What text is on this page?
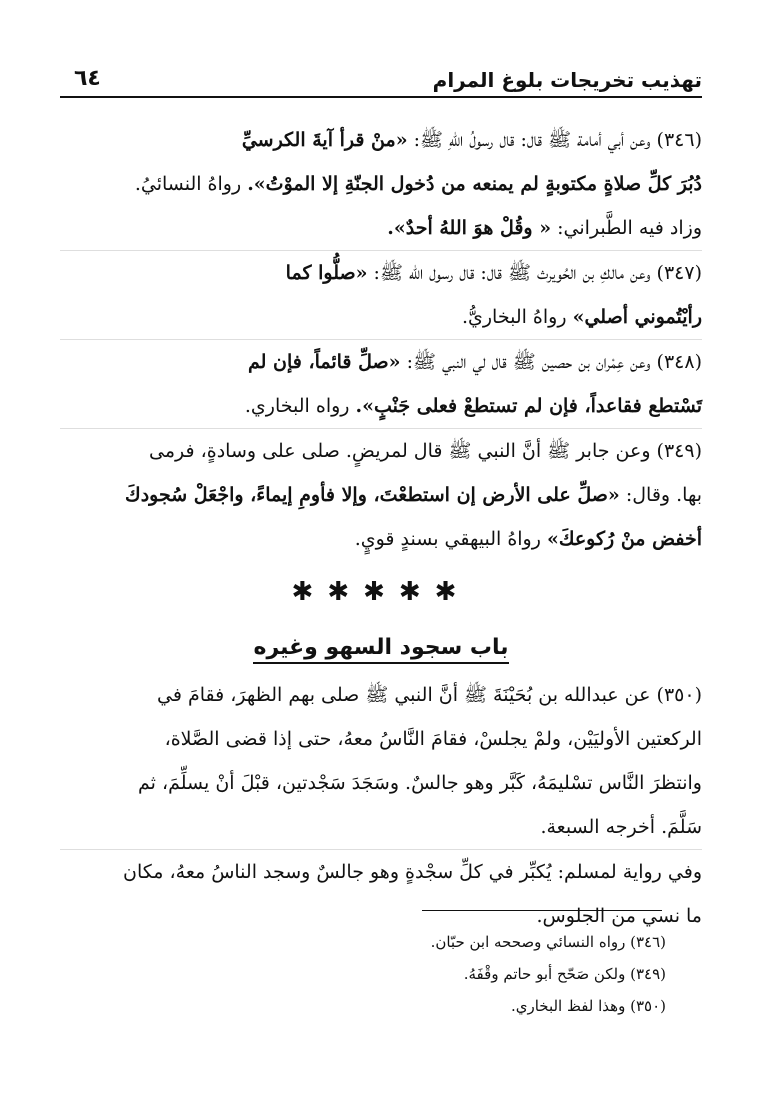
تهذيب تخريجات بلوغ المرام
٦٤
(٣٤٦) وعن أبي أمامة ﷺ قال: قال رسولُ اللهِ ﷺ: «منْ قرأ آيةَ الكرسيِّ
دُبُرَ كلِّ صلاةٍ مكتوبةٍ لم يمنعه من دُخول الجنّةِ إلا الموْتُ». رواهُ النسائيُ.
وزاد فيه الطَّبراني: « وقُلْ هوَ اللهُ أحدٌ».
(٣٤٧) وعن مالكِ بن الحُويرث ﷺ قال: قال رسول الله ﷺ: «صلُّوا كما
رأيْتُموني أصلي» رواهُ البخاريُّ.
(٣٤٨) وعن عِمْران بن حصين ﷺ قال لي النبي ﷺ: «صلِّ قائماً، فإن لم
تَسْتطع فقاعداً، فإن لم تستطعْ فعلى جَنْبٍ». رواه البخاري.
(٣٤٩) وعن جابر ﷺ أنَّ النبي ﷺ قال لمريضٍ. صلى على وسادةٍ، فرمى
بها. وقال: «صلِّ على الأرض إن استطعْتَ، وإلا فأومِ إيماءً، واجْعَلْ سُجودكَ
أخفض منْ رُكوعكَ» رواهُ البيهقي بسندٍ قويٍ.
✱✱✱✱✱
باب سجود السهو وغيره
(٣٥٠) عن عبدالله بن بُحَيْنَةَ ﷺ أنَّ النبي ﷺ صلى بهم الظهرَ، فقامَ في
الركعتين الأوليَيْن، ولمْ يجلسْ، فقامَ النَّاسُ معهُ، حتى إذا قضى الصَّلاة،
وانتظرَ النَّاس تسْليمَهُ، كَبَّر وهو جالسٌ. وسَجَدَ سَجْدتين، قبْلَ أنْ يسلِّمَ، ثم
سَلَّمَ. أخرجه السبعة.
وفي رواية لمسلم: يُكبِّر في كلِّ سجْدةٍ وهو جالسٌ وسجد الناسُ معهُ، مكان
ما نسي من الجلوس.
(٣٤٦) رواه النسائي وصححه ابن حبّان.
(٣٤٩) ولكن صَحّح أبو حاتم وقْفَهُ.
(٣٥٠) وهذا لفظ البخاري.
